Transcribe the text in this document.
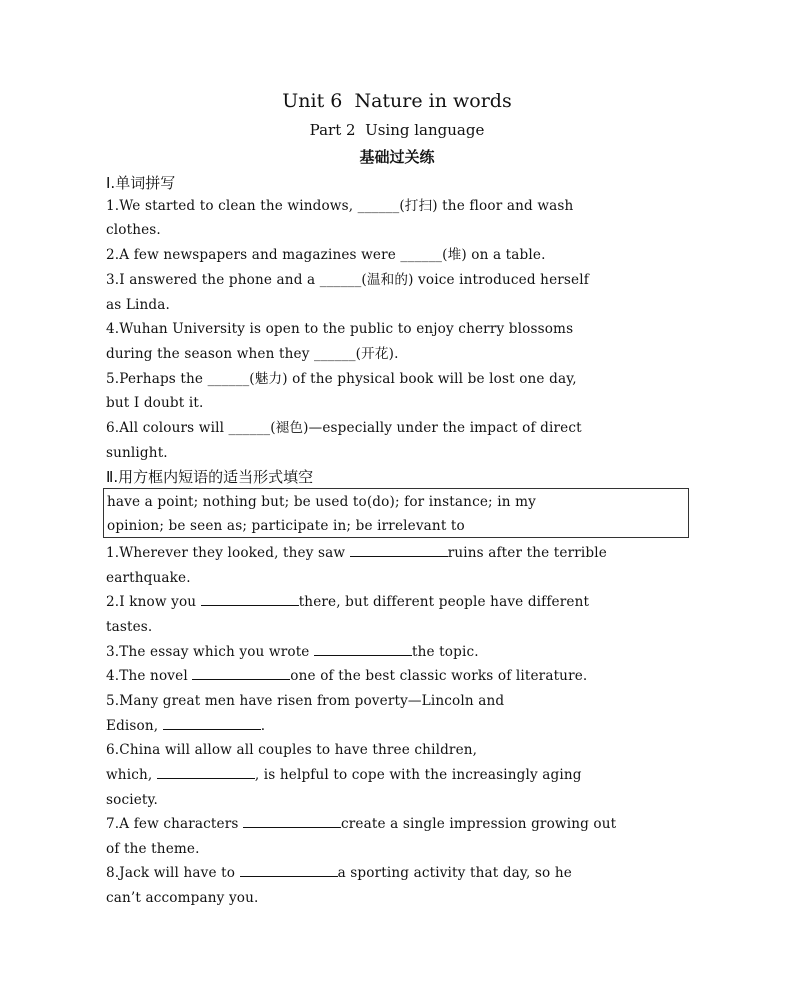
Unit 6  Nature in words
Part 2  Using language
基础过关练
Ⅰ.单词拼写
1.We started to clean the windows, ______(打扫) the floor and wash
clothes.
2.A few newspapers and magazines were ______(堆) on a table.
3.I answered the phone and a ______(温和的) voice introduced herself
as Linda.
4.Wuhan University is open to the public to enjoy cherry blossoms
during the season when they ______(开花).
5.Perhaps the ______(魅力) of the physical book will be lost one day,
but I doubt it.
6.All colours will ______(褪色)—especially under the impact of direct
sunlight.
Ⅱ.用方框内短语的适当形式填空
have a point; nothing but; be used to(do); for instance; in my
opinion; be seen as; participate in; be irrelevant to
1.Wherever they looked, they saw	ruins after the terrible
earthquake.
2.I know you	there, but different people have different
tastes.
3.The essay which you wrote	the topic.
4.The novel	one of the best classic works of literature.
5.Many great men have risen from poverty—Lincoln and
Edison,	.
6.China will allow all couples to have three children,
which,	, is helpful to cope with the increasingly aging
society.
7.A few characters	create a single impression growing out
of the theme.
8.Jack will have to	a sporting activity that day, so he
can’t accompany you.
